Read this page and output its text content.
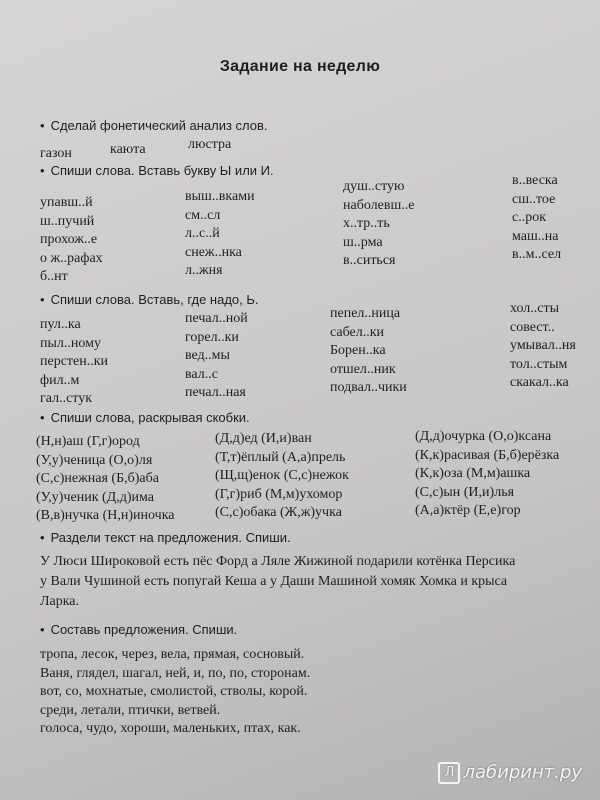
Задание на неделю
• Сделай фонетический анализ слов.
газон	каюта	люстра
• Спиши слова. Вставь букву Ы или И.
упавш..й
ш..пучий
прохож..е
о ж..рафах
б..нт
выш..вками
см..сл
л..с..й
снеж..нка
л..жня
душ..стую
наболевш..е
х..тр..ть
ш..рма
в..ситься
в..веска
сш..тое
с..рок
маш..на
в..м..сел
• Спиши слова. Вставь, где надо, Ь.
пул..ка
пыл..ному
перстен..ки
фил..м
гал..стук
печал..ной
горел..ки
вед..мы
вал..с
печал..ная
пепел..ница
сабел..ки
Борен..ка
отшел..ник
подвал..чики
хол..сты
совест..
умывал..ня
тол..стым
скакал..ка
• Спиши слова, раскрывая скобки.
(Н,н)аш (Г,г)ород
(У,у)ченица (О,о)ля
(С,с)нежная (Б,б)аба
(У,у)ченик (Д,д)има
(В,в)нучка (Н,н)иночка
(Д,д)ед (И,и)ван
(Т,т)ёплый (А,а)прель
(Щ,щ)енок (С,с)нежок
(Г,г)риб (М,м)ухомор
(С,с)обака (Ж,ж)учка
(Д,д)очурка (О,о)ксана
(К,к)расивая (Б,б)ерёзка
(К,к)оза (М,м)ашка
(С,с)ын (И,и)лья
(А,а)ктёр (Е,е)гор
• Раздели текст на предложения. Спиши.
У Люси Широковой есть пёс Форд а Ляле Жижиной подарили котёнка Персика
у Вали Чушиной есть попугай Кеша а у Даши Машиной хомяк Хомка и крыса
Ларка.
• Составь предложения. Спиши.
тропа, лесок, через, вела, прямая, сосновый.
Ваня, глядел, шагал, ней, и, по, по, сторонам.
вот, со, мохнатые, смолистой, стволы, корой.
среди, летали, птички, ветвей.
голоса, чудо, хороши, маленьких, птах, как.
Л лабиринт.ру
